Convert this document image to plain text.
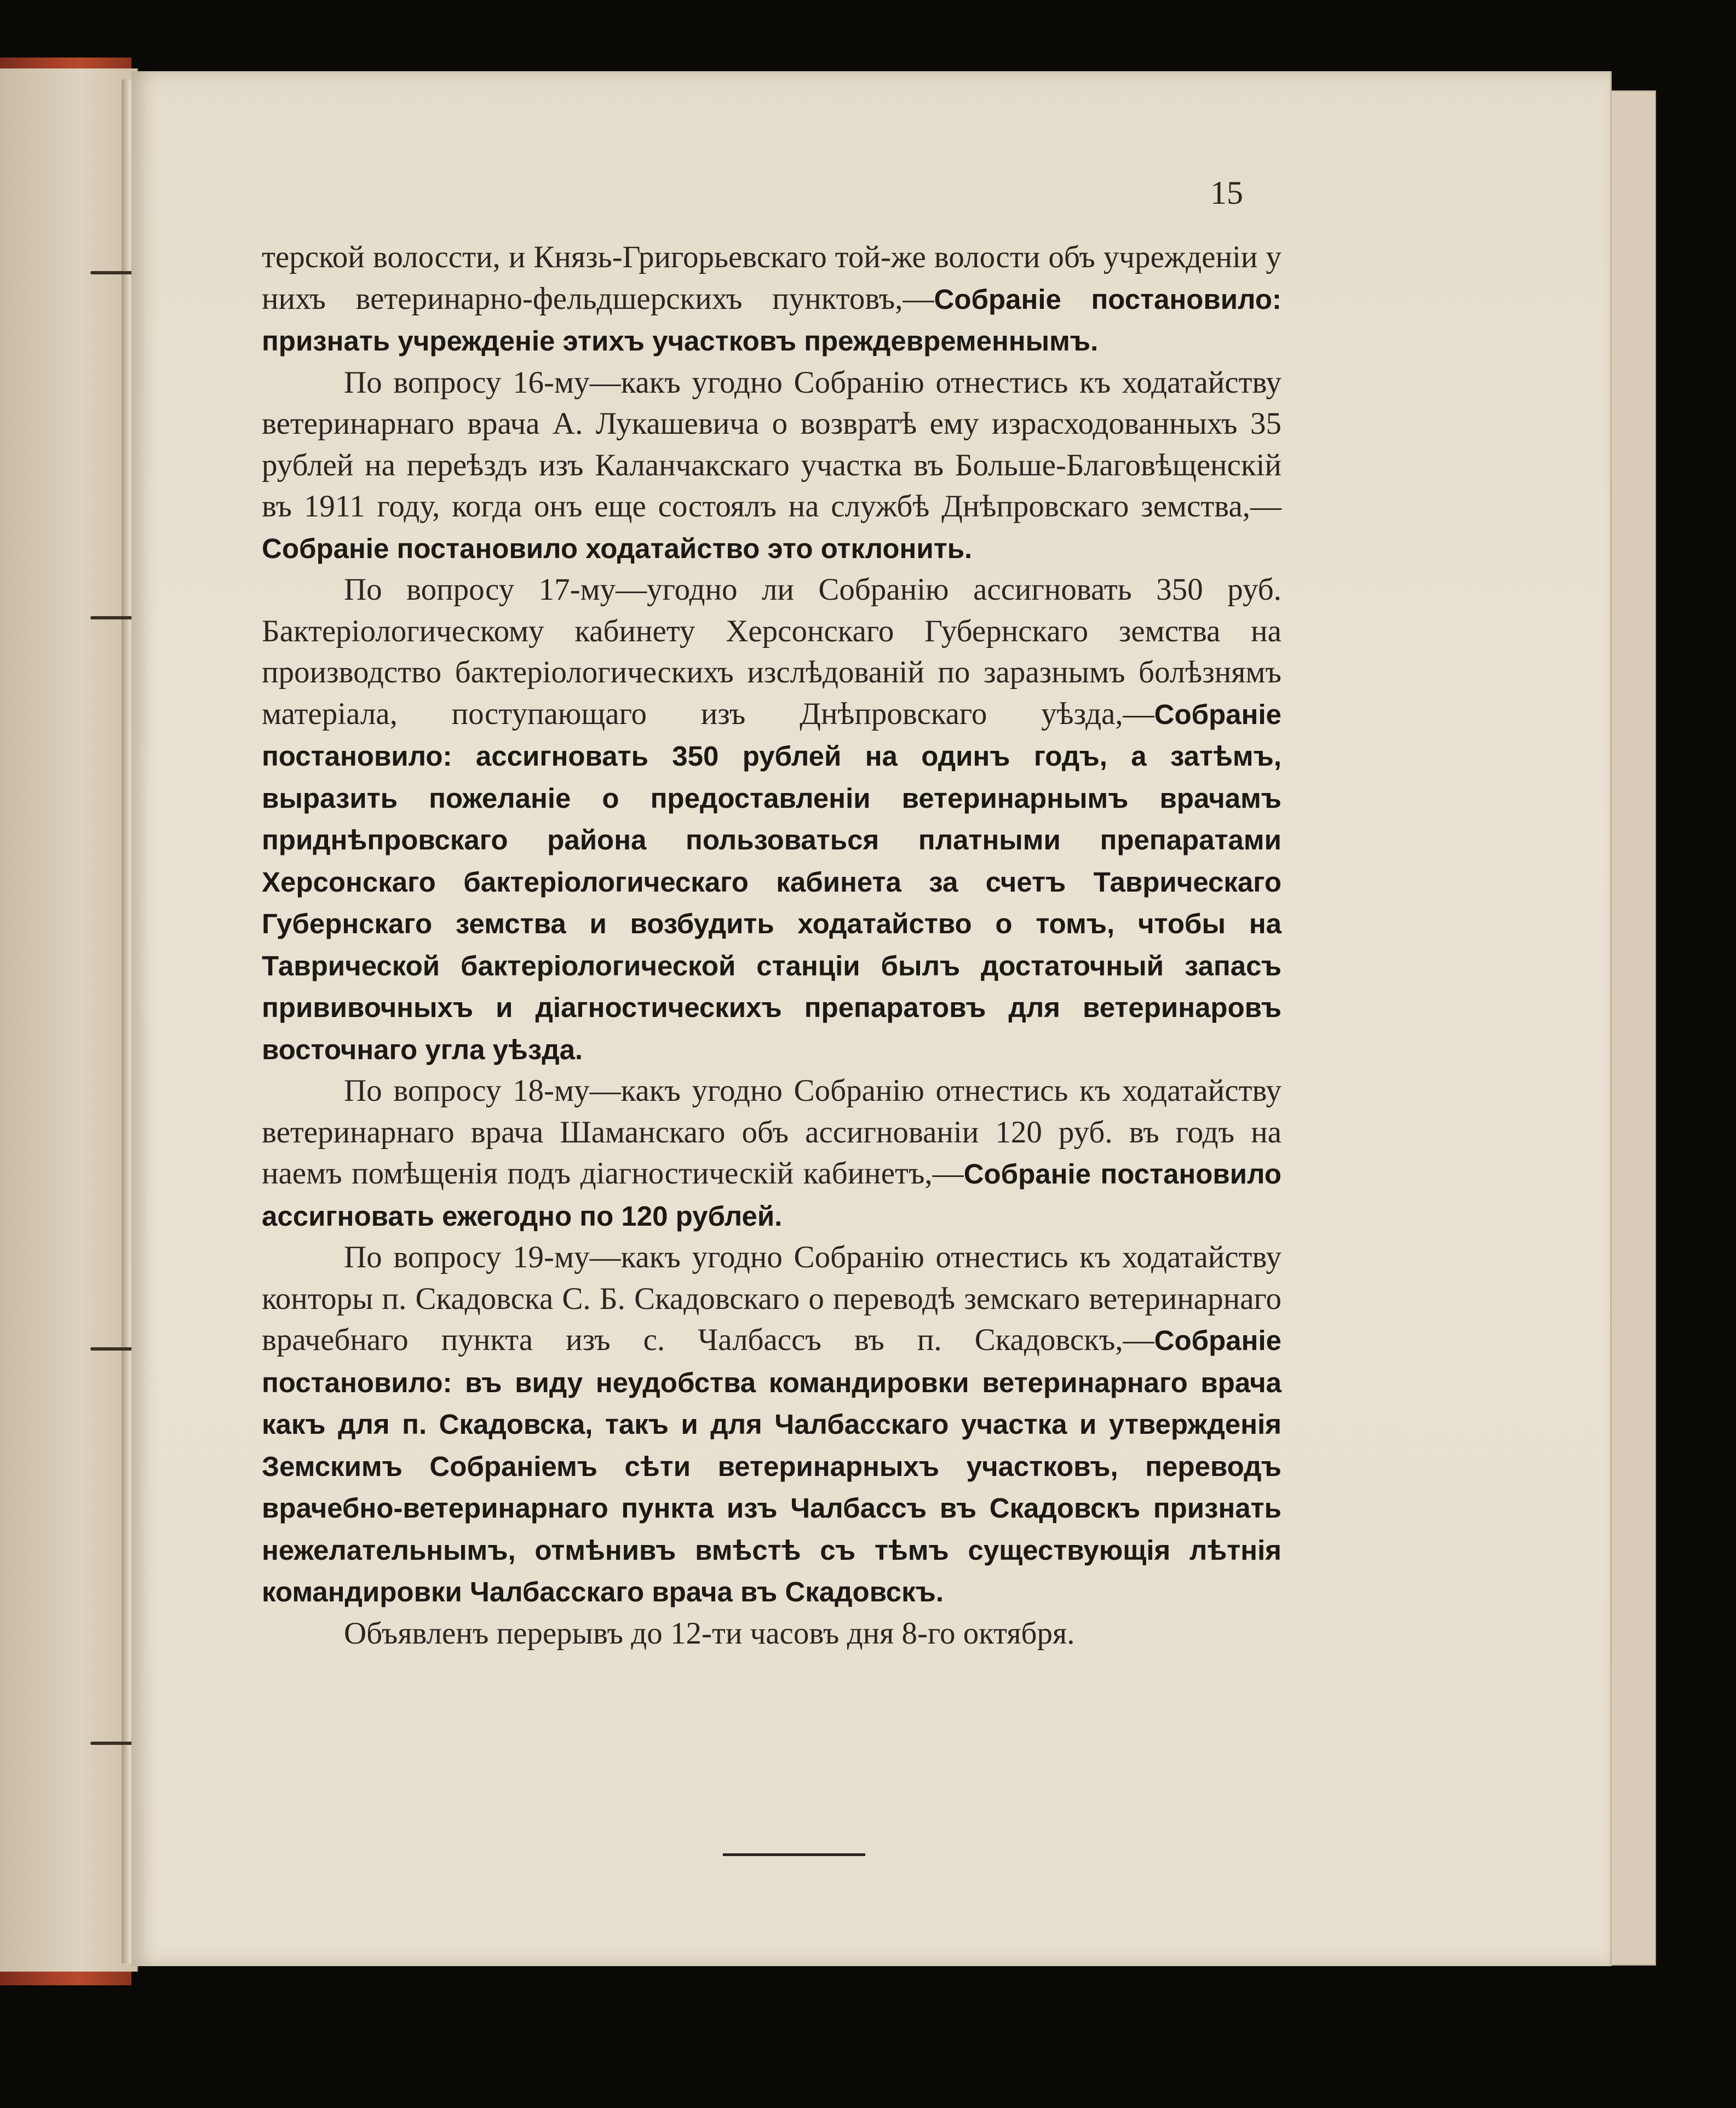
15

терской волоссти, и Князь-Григорьевскаго той-же волости объ учрежденiи у нихъ ветеринарно-фельдшерскихъ пунктовъ,—Собранiе постановило: признать учрежденiе этихъ участковъ преждевременнымъ.

По вопросу 16-му—какъ угодно Собранiю отнестись къ ходатайству ветеринарнаго врача А. Лукашевича о возвратѣ ему израсходованныхъ 35 рублей на переѣздъ изъ Каланчакскаго участка въ Больше-Благовѣщенскiй въ 1911 году, когда онъ еще состоялъ на службѣ Днѣпровскаго земства,—Собранiе постановило ходатайство это отклонить.

По вопросу 17-му—угодно ли Собранiю ассигновать 350 руб. Бактерiологическому кабинету Херсонскаго Губернскаго земства на производство бактерiологическихъ изслѣдованiй по заразнымъ болѣзнямъ матерiала, поступающаго изъ Днѣпровскаго уѣзда,—Собранiе постановило: ассигновать 350 рублей на одинъ годъ, а затѣмъ, выразить пожеланiе о предоставленiи ветеринарнымъ врачамъ приднѣпровскаго района пользоваться платными препаратами Херсонскаго бактерiологическаго кабинета за счетъ Таврическаго Губернскаго земства и возбудить ходатайство о томъ, чтобы на Таврической бактерiологической станцiи былъ достаточный запасъ прививочныхъ и дiагностическихъ препаратовъ для ветеринаровъ восточнаго угла уѣзда.

По вопросу 18-му—какъ угодно Собранiю отнестись къ ходатайству ветеринарнаго врача Шаманскаго объ ассигнованiи 120 руб. въ годъ на наемъ помѣщенiя подъ дiагностическiй кабинетъ,—Собранiе постановило ассигновать ежегодно по 120 рублей.

По вопросу 19-му—какъ угодно Собранiю отнестись къ ходатайству конторы п. Скадовска С. Б. Скадовскаго о переводѣ земскаго ветеринарнаго врачебнаго пункта изъ с. Чалбассъ въ п. Скадовскъ,—Собранiе постановило: въ виду неудобства командировки ветеринарнаго врача какъ для п. Скадовска, такъ и для Чалбасскаго участка и утвержденiя Земскимъ Собранiемъ сѣти ветеринарныхъ участковъ, переводъ врачебно-ветеринарнаго пункта изъ Чалбассъ въ Скадовскъ признать нежелательнымъ, отмѣнивъ вмѣстѣ съ тѣмъ существующiя лѣтнiя командировки Чалбасскаго врача въ Скадовскъ.

Объявленъ перерывъ до 12-ти часовъ дня 8-го октября.
